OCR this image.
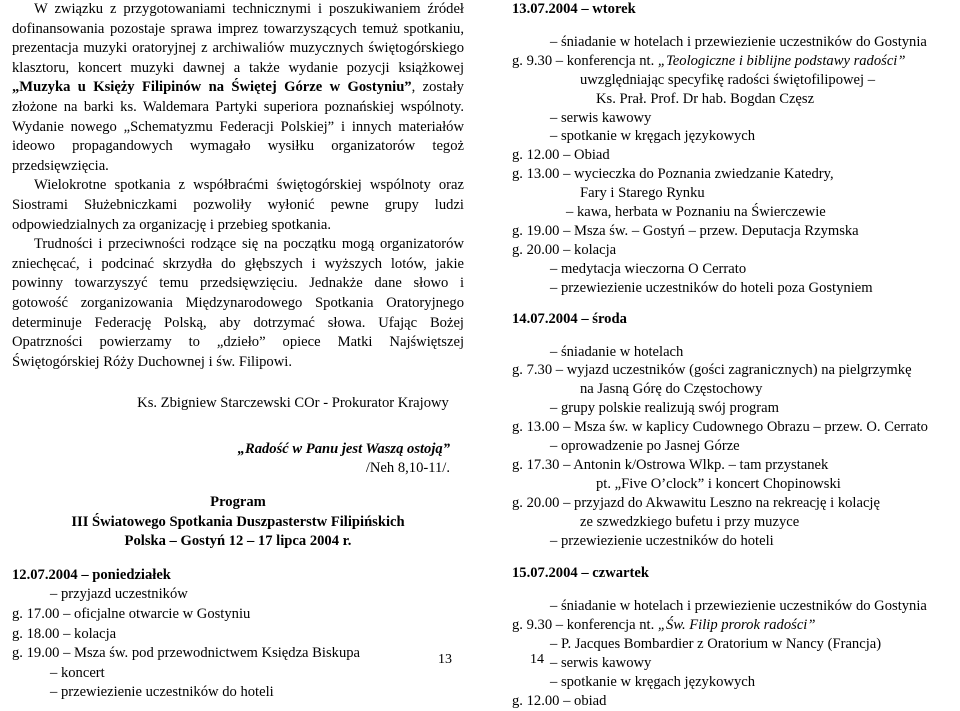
W związku z przygotowaniami technicznymi i poszukiwaniem źródeł dofinansowania pozostaje sprawa imprez towarzyszących temuż spotkaniu, prezentacja muzyki oratoryjnej z archiwaliów muzycznych świętogórskiego klasztoru, koncert muzyki dawnej a także wydanie pozycji książkowej „Muzyka u Księży Filipinów na Świętej Górze w Gostyniu”, zostały złożone na barki ks. Waldemara Partyki superiora poznańskiej wspólnoty. Wydanie nowego „Schematyzmu Federacji Polskiej” i innych materiałów ideowo propagandowych wymagało wysiłku organizatorów tegoż przedsięwzięcia.

Wielokrotne spotkania z współbraćmi świętogórskiej wspólnoty oraz Siostrami Służebniczkami pozwoliły wyłonić pewne grupy ludzi odpowiedzialnych za organizację i przebieg spotkania.

Trudności i przeciwności rodzące się na początku mogą organizatorów zniechęcać, i podcinać skrzydła do głębszych i wyższych lotów, jakie powinny towarzyszyć temu przedsięwzięciu. Jednakże dane słowo i gotowość zorganizowania Międzynarodowego Spotkania Oratoryjnego determinuje Federację Polską, aby dotrzymać słowa. Ufając Bożej Opatrzności powierzamy to „dzieło” opiece Matki Najświętszej Świętogórskiej Róży Duchownej i św. Filipowi.

Ks. Zbigniew Starczewski COr - Prokurator Krajowy
„Radość w Panu jest Waszą ostoją”
/Neh 8,10-11/.
Program
III Światowego Spotkania Duszpasterstw Filipińskich
Polska – Gostyń 12 – 17 lipca 2004 r.
12.07.2004 – poniedziałek
– przyjazd uczestników
g. 17.00 – oficjalne otwarcie w Gostyniu
g. 18.00 – kolacja
g. 19.00 – Msza św. pod przewodnictwem Księdza Biskupa
– koncert
– przewiezienie uczestników do hoteli
13
13.07.2004 – wtorek
– śniadanie w hotelach i przewiezienie uczestników do Gostynia
g. 9.30 – konferencja nt. „Teologiczne i biblijne podstawy radości”
uwzględniając specyfikę radości świętofilipowej –
Ks. Prał. Prof. Dr hab. Bogdan Częsz
– serwis kawowy
– spotkanie w kręgach językowych
g. 12.00 – Obiad
g. 13.00 – wycieczka do Poznania zwiedzanie Katedry,
Fary i Starego Rynku
– kawa, herbata w Poznaniu na Świerczewie
g. 19.00 – Msza św. – Gostyń – przew. Deputacja Rzymska
g. 20.00 – kolacja
– medytacja wieczorna O Cerrato
– przewiezienie uczestników do hoteli poza Gostyniem
14.07.2004 – środa
– śniadanie w hotelach
g. 7.30 – wyjazd uczestników (gości zagranicznych) na pielgrzymkę
na Jasną Górę do Częstochowy
– grupy polskie realizują swój program
g. 13.00 – Msza św. w kaplicy Cudownego Obrazu – przew. O. Cerrato
– oprowadzenie po Jasnej Górze
g. 17.30 – Antonin k/Ostrowa Wlkp. – tam przystanek
pt. „Five O’clock” i koncert Chopinowski
g. 20.00 – przyjazd do Akwawitu Leszno na rekreację i kolację
ze szwedzkiego bufetu i przy muzyce
– przewiezienie uczestników do hoteli
15.07.2004 – czwartek
– śniadanie w hotelach i przewiezienie uczestników do Gostynia
g. 9.30 – konferencja nt. „Św. Filip prorok radości”
– P. Jacques Bombardier z Oratorium w Nancy (Francja)
– serwis kawowy
– spotkanie w kręgach językowych
g. 12.00 – obiad
14
